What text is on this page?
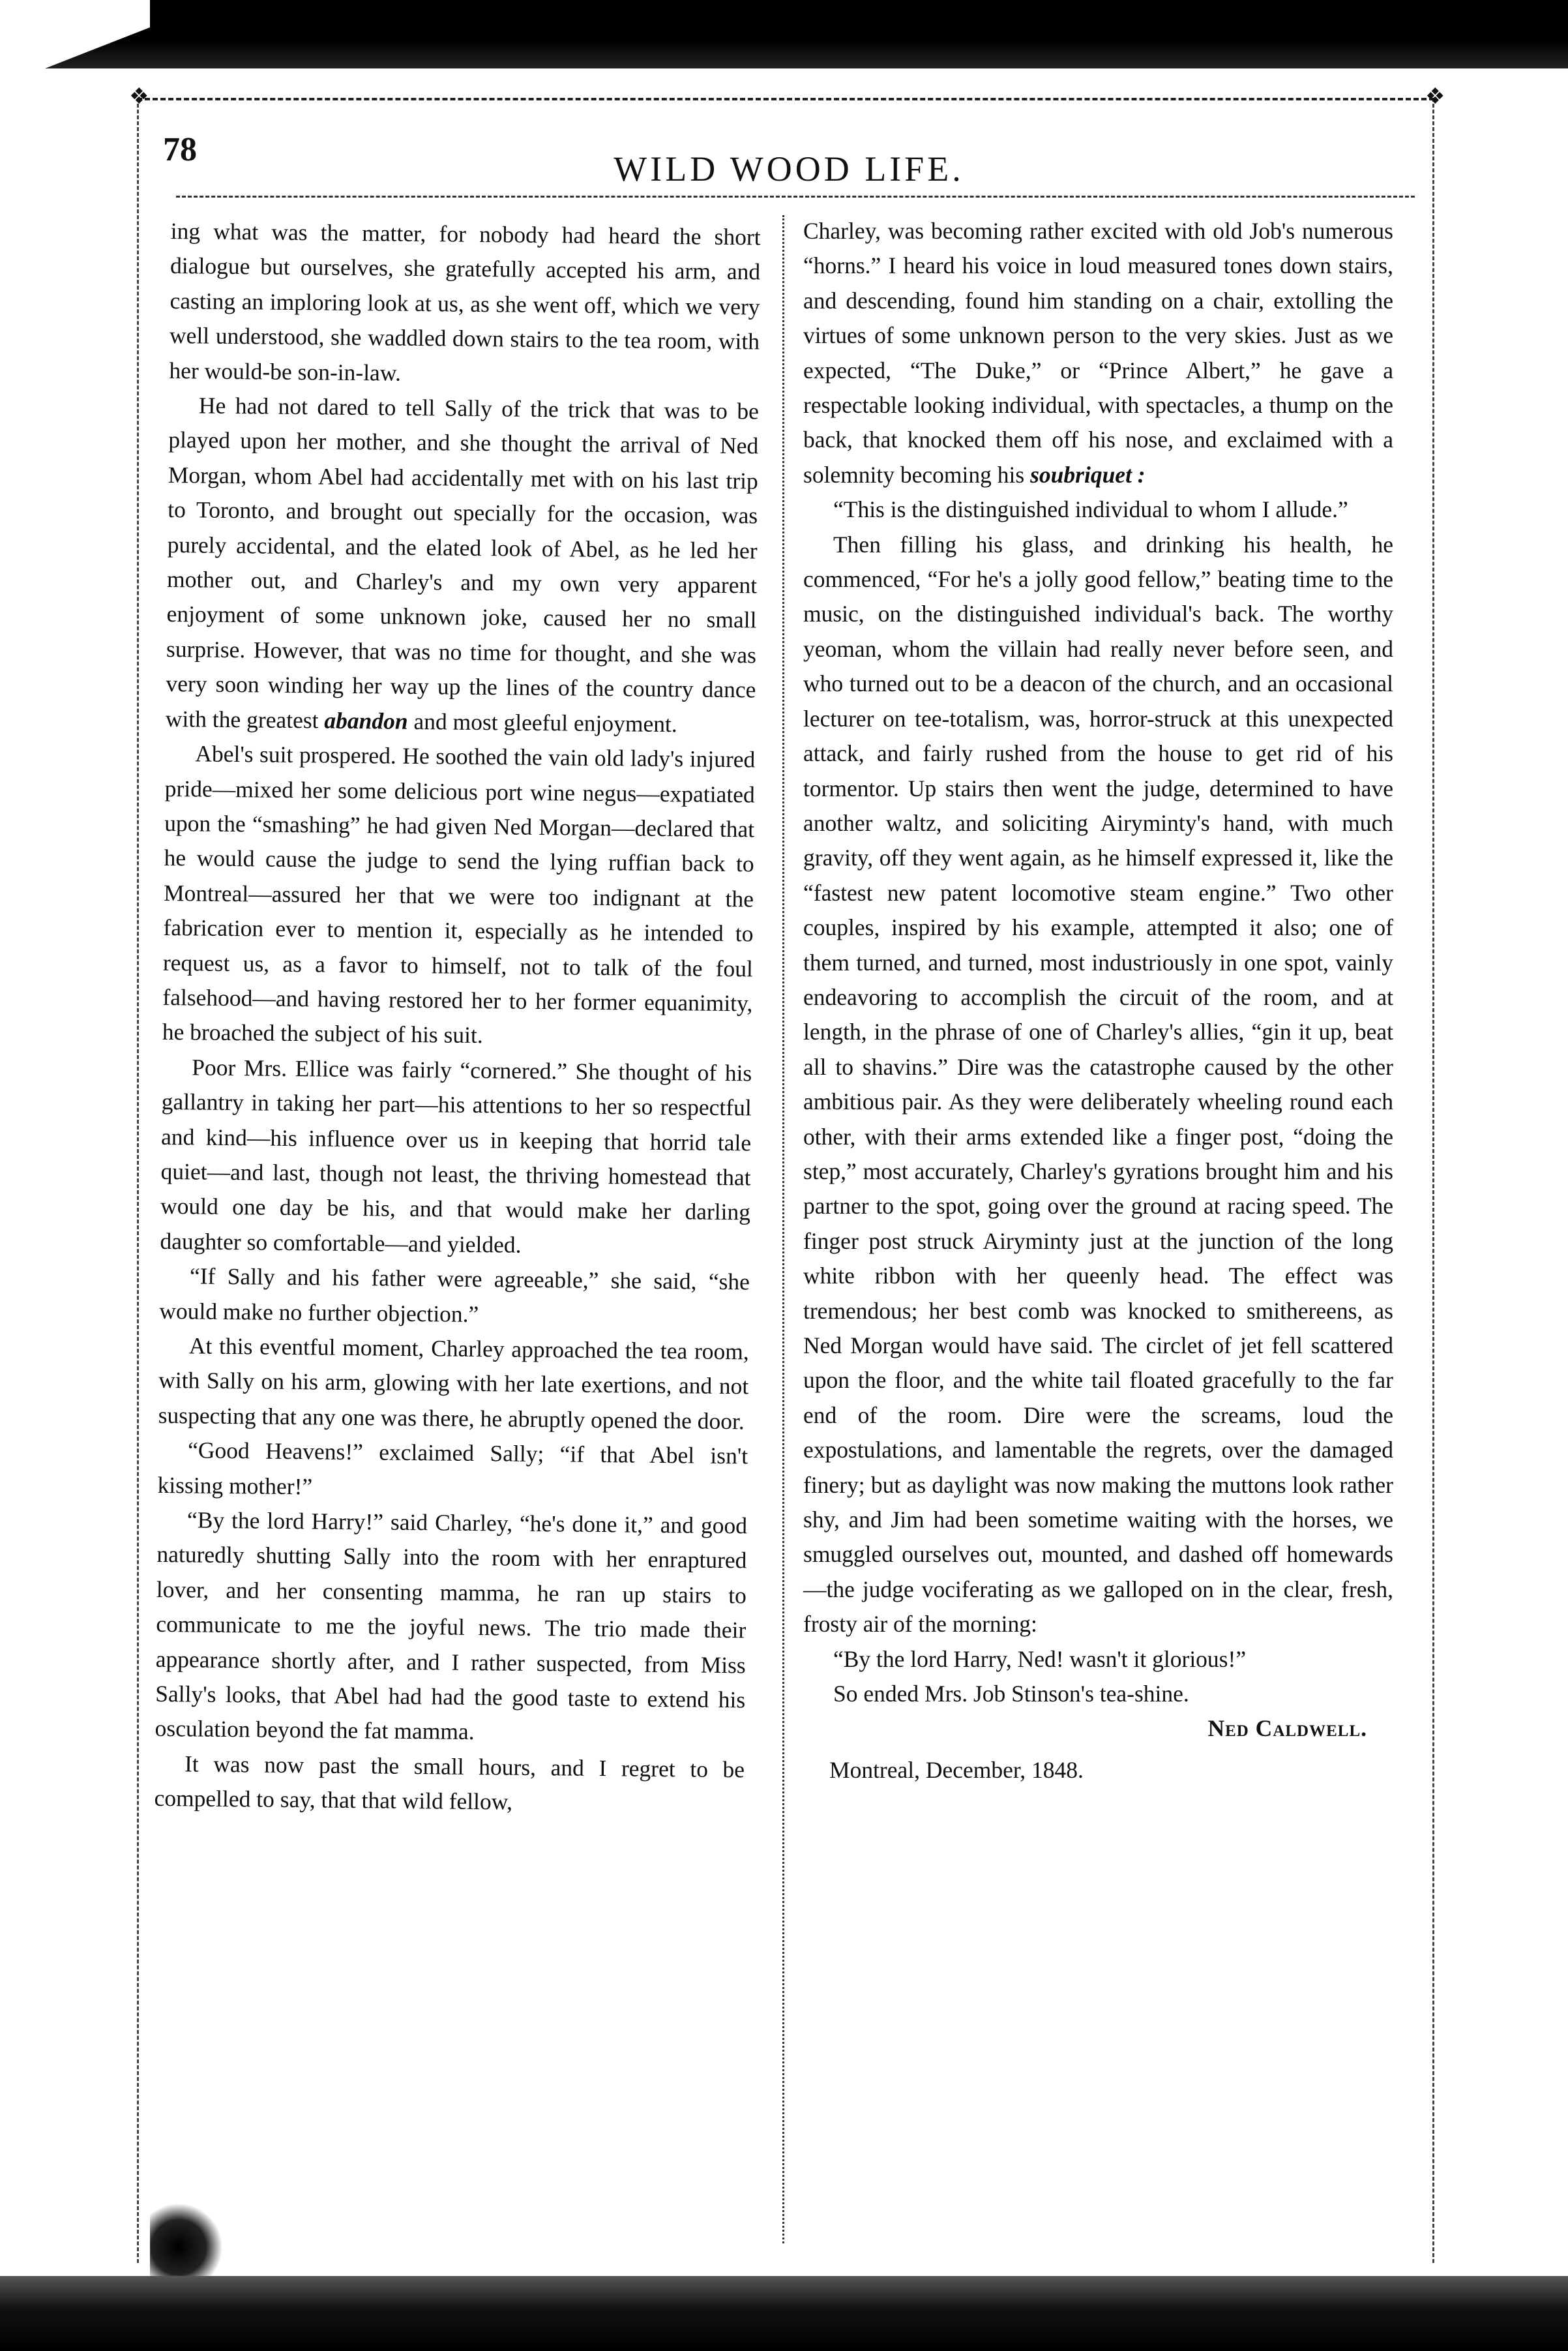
❖	❖
78	WILD WOOD LIFE.

ing what was the matter, for nobody had heard the short dialogue but ourselves, she gratefully accepted his arm, and casting an imploring look at us, as she went off, which we very well understood, she waddled down stairs to the tea room, with her would-be son-in-law.

He had not dared to tell Sally of the trick that was to be played upon her mother, and she thought the arrival of Ned Morgan, whom Abel had accidentally met with on his last trip to Toronto, and brought out specially for the occasion, was purely accidental, and the elated look of Abel, as he led her mother out, and Charley's and my own very apparent enjoyment of some unknown joke, caused her no small surprise. However, that was no time for thought, and she was very soon winding her way up the lines of the country dance with the greatest abandon and most gleeful enjoyment.

Abel's suit prospered. He soothed the vain old lady's injured pride—mixed her some delicious port wine negus—expatiated upon the “smashing” he had given Ned Morgan—declared that he would cause the judge to send the lying ruffian back to Montreal—assured her that we were too indignant at the fabrication ever to mention it, especially as he intended to request us, as a favor to himself, not to talk of the foul falsehood—and having restored her to her former equanimity, he broached the subject of his suit.

Poor Mrs. Ellice was fairly “cornered.” She thought of his gallantry in taking her part—his attentions to her so respectful and kind—his influence over us in keeping that horrid tale quiet—and last, though not least, the thriving homestead that would one day be his, and that would make her darling daughter so comfortable—and yielded.

“If Sally and his father were agreeable,” she said, “she would make no further objection.”

At this eventful moment, Charley approached the tea room, with Sally on his arm, glowing with her late exertions, and not suspecting that any one was there, he abruptly opened the door.

“Good Heavens!” exclaimed Sally; “if that Abel isn't kissing mother!”

“By the lord Harry!” said Charley, “he's done it,” and good naturedly shutting Sally into the room with her enraptured lover, and her consenting mamma, he ran up stairs to communicate to me the joyful news. The trio made their appearance shortly after, and I rather suspected, from Miss Sally's looks, that Abel had had the good taste to extend his osculation beyond the fat mamma.

It was now past the small hours, and I regret to be compelled to say, that that wild fellow,

Charley, was becoming rather excited with old Job's numerous “horns.” I heard his voice in loud measured tones down stairs, and descending, found him standing on a chair, extolling the virtues of some unknown person to the very skies. Just as we expected, “The Duke,” or “Prince Albert,” he gave a respectable looking individual, with spectacles, a thump on the back, that knocked them off his nose, and exclaimed with a solemnity becoming his soubriquet :

“This is the distinguished individual to whom I allude.”

Then filling his glass, and drinking his health, he commenced, “For he's a jolly good fellow,” beating time to the music, on the distinguished individual's back. The worthy yeoman, whom the villain had really never before seen, and who turned out to be a deacon of the church, and an occasional lecturer on tee-totalism, was, horror-struck at this unexpected attack, and fairly rushed from the house to get rid of his tormentor. Up stairs then went the judge, determined to have another waltz, and soliciting Airyminty's hand, with much gravity, off they went again, as he himself expressed it, like the “fastest new patent locomotive steam engine.” Two other couples, inspired by his example, attempted it also; one of them turned, and turned, most industriously in one spot, vainly endeavoring to accomplish the circuit of the room, and at length, in the phrase of one of Charley's allies, “gin it up, beat all to shavins.” Dire was the catastrophe caused by the other ambitious pair. As they were deliberately wheeling round each other, with their arms extended like a finger post, “doing the step,” most accurately, Charley's gyrations brought him and his partner to the spot, going over the ground at racing speed. The finger post struck Airyminty just at the junction of the long white ribbon with her queenly head. The effect was tremendous; her best comb was knocked to smithereens, as Ned Morgan would have said. The circlet of jet fell scattered upon the floor, and the white tail floated gracefully to the far end of the room. Dire were the screams, loud the expostulations, and lamentable the regrets, over the damaged finery; but as daylight was now making the muttons look rather shy, and Jim had been sometime waiting with the horses, we smuggled ourselves out, mounted, and dashed off homewards—the judge vociferating as we galloped on in the clear, fresh, frosty air of the morning:

“By the lord Harry, Ned! wasn't it glorious!”

So ended Mrs. Job Stinson's tea-shine.

Ned Caldwell.

Montreal, December, 1848.
